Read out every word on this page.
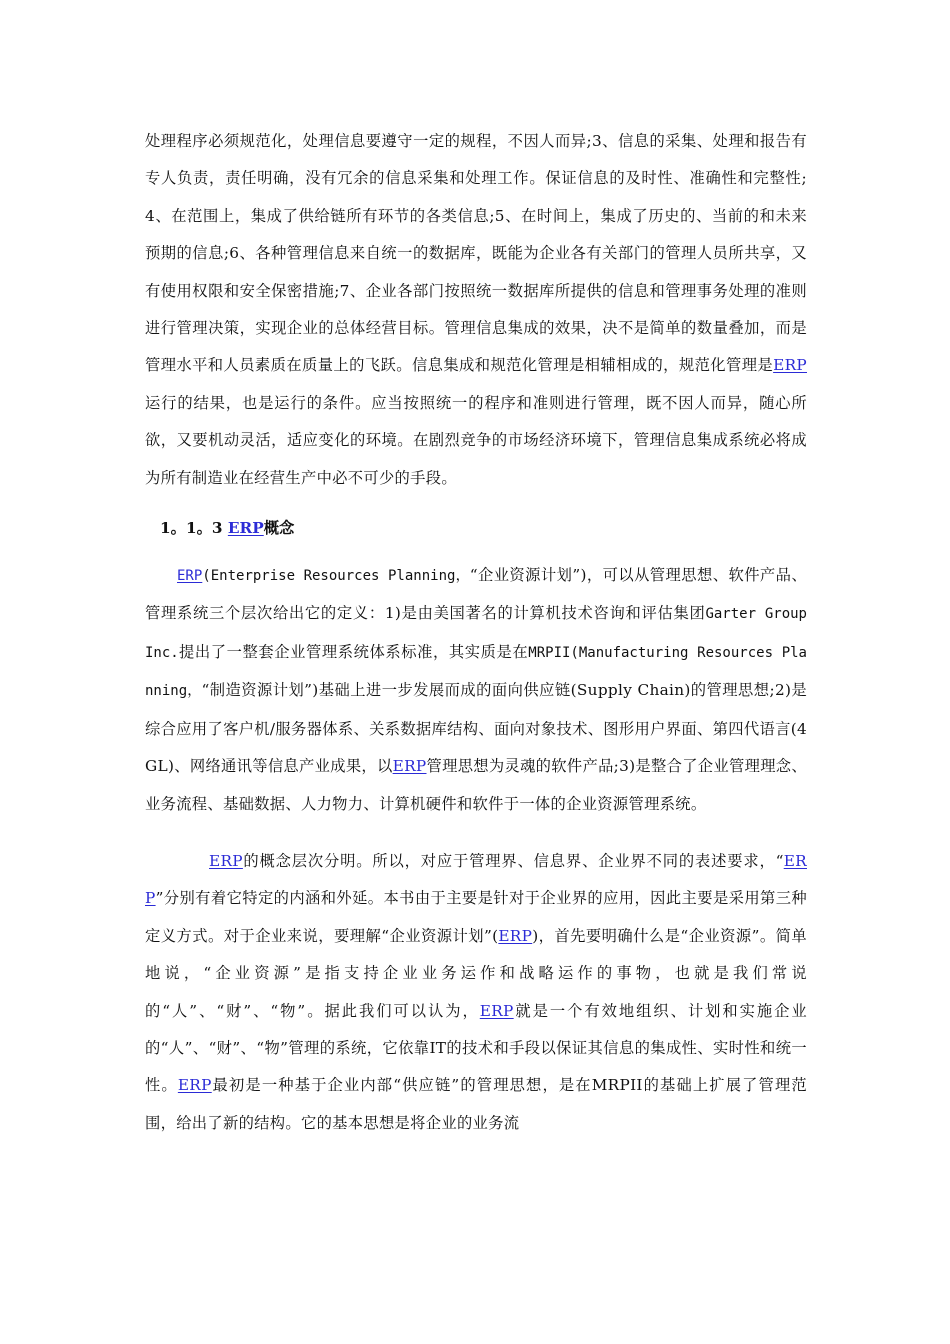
处理程序必须规范化，处理信息要遵守一定的规程，不因人而异;3、信息的采集、处理和报告有专人负责，责任明确，没有冗余的信息采集和处理工作。保证信息的及时性、准确性和完整性;4、在范围上，集成了供给链所有环节的各类信息;5、在时间上，集成了历史的、当前的和未来预期的信息;6、各种管理信息来自统一的数据库，既能为企业各有关部门的管理人员所共享，又有使用权限和安全保密措施;7、企业各部门按照统一数据库所提供的信息和管理事务处理的准则进行管理决策，实现企业的总体经营目标。管理信息集成的效果，决不是简单的数量叠加，而是管理水平和人员素质在质量上的飞跃。信息集成和规范化管理是相辅相成的，规范化管理是ERP运行的结果，也是运行的条件。应当按照统一的程序和准则进行管理，既不因人而异，随心所欲，又要机动灵活，适应变化的环境。在剧烈竞争的市场经济环境下，管理信息集成系统必将成为所有制造业在经营生产中必不可少的手段。

1。1。3 ERP概念

ERP(Enterprise Resources Planning，“企业资源计划”)，可以从管理思想、软件产品、管理系统三个层次给出它的定义：1)是由美国著名的计算机技术咨询和评估集团Garter Group Inc.提出了一整套企业管理系统体系标准，其实质是在MRPII(Manufacturing Resources Planning，“制造资源计划”)基础上进一步发展而成的面向供应链(Supply Chain)的管理思想;2)是综合应用了客户机/服务器体系、关系数据库结构、面向对象技术、图形用户界面、第四代语言(4GL)、网络通讯等信息产业成果，以ERP管理思想为灵魂的软件产品;3)是整合了企业管理理念、业务流程、基础数据、人力物力、计算机硬件和软件于一体的企业资源管理系统。

ERP的概念层次分明。所以，对应于管理界、信息界、企业界不同的表述要求，“ERP”分别有着它特定的内涵和外延。本书由于主要是针对于企业界的应用，因此主要是采用第三种定义方式。对于企业来说，要理解“企业资源计划”(ERP)，首先要明确什么是“企业资源”。简单地说，“企业资源”是指支持企业业务运作和战略运作的事物，也就是我们常说的“人”、“财”、“物”。据此我们可以认为，ERP就是一个有效地组织、计划和实施企业的“人”、“财”、“物”管理的系统，它依靠IT的技术和手段以保证其信息的集成性、实时性和统一性。ERP最初是一种基于企业内部“供应链”的管理思想，是在MRPII的基础上扩展了管理范围，给出了新的结构。它的基本思想是将企业的业务流
